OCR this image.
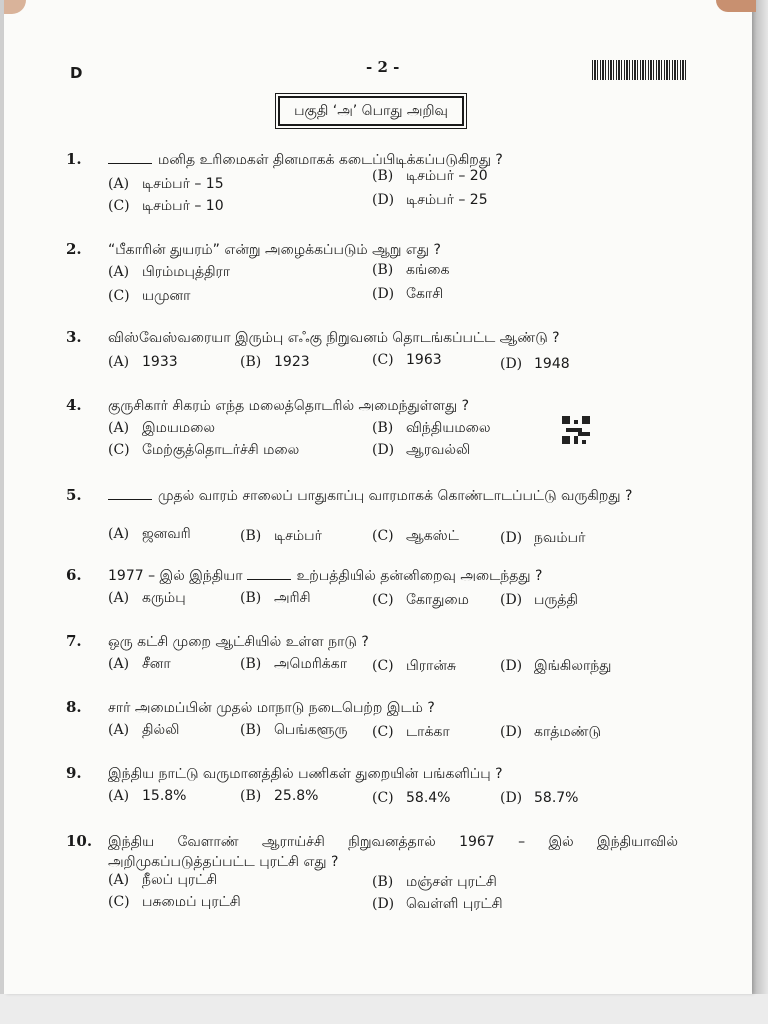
D	- 2 -
பகுதி ‘அ’ பொது அறிவு
1.	மனித உரிமைகள் தினமாகக் கடைப்பிடிக்கப்படுகிறது ?
(A) டிசம்பர் – 15	(B) டிசம்பர் – 20
(C) டிசம்பர் – 10	(D) டிசம்பர் – 25
2. “பீகாரின் துயரம்” என்று அழைக்கப்படும் ஆறு எது ?
(A) பிரம்மபுத்திரா	(B) கங்கை
(C) யமுனா	(D) கோசி
3. விஸ்வேஸ்வரையா இரும்பு எஃகு நிறுவனம் தொடங்கப்பட்ட ஆண்டு ?
(A) 1933	(B) 1923	(C) 1963	(D) 1948
4. குருசிகார் சிகரம் எந்த மலைத்தொடரில் அமைந்துள்ளது ?
(A) இமயமலை	(B) விந்தியமலை
(C) மேற்குத்தொடர்ச்சி மலை	(D) ஆரவல்லி
5.	முதல் வாரம் சாலைப் பாதுகாப்பு வாரமாகக் கொண்டாடப்பட்டு வருகிறது ?
(A) ஜனவரி	(B) டிசம்பர்	(C) ஆகஸ்ட்	(D) நவம்பர்
6. 1977 – இல் இந்தியா	உற்பத்தியில் தன்னிறைவு அடைந்தது ?
(A) கரும்பு	(B) அரிசி	(C) கோதுமை (D) பருத்தி
7. ஒரு கட்சி முறை ஆட்சியில் உள்ள நாடு ?
(A) சீனா	(B) அமெரிக்கா (C) பிரான்சு	(D) இங்கிலாந்து
8. சார் அமைப்பின் முதல் மாநாடு நடைபெற்ற இடம் ?
(A) தில்லி	(B) பெங்களூரு (C) டாக்கா	(D) காத்மண்டு
9. இந்திய நாட்டு வருமானத்தில் பணிகள் துறையின் பங்களிப்பு ?
(A) 15.8%	(B) 25.8%	(C) 58.4%	(D) 58.7%
10. இந்திய வேளாண் ஆராய்ச்சி நிறுவனத்தால் 1967 – இல் இந்தியாவில் அறிமுகப்படுத்தப்பட்ட புரட்சி எது ?
(A) நீலப் புரட்சி	(B) மஞ்சள் புரட்சி
(C) பசுமைப் புரட்சி	(D) வெள்ளி புரட்சி
